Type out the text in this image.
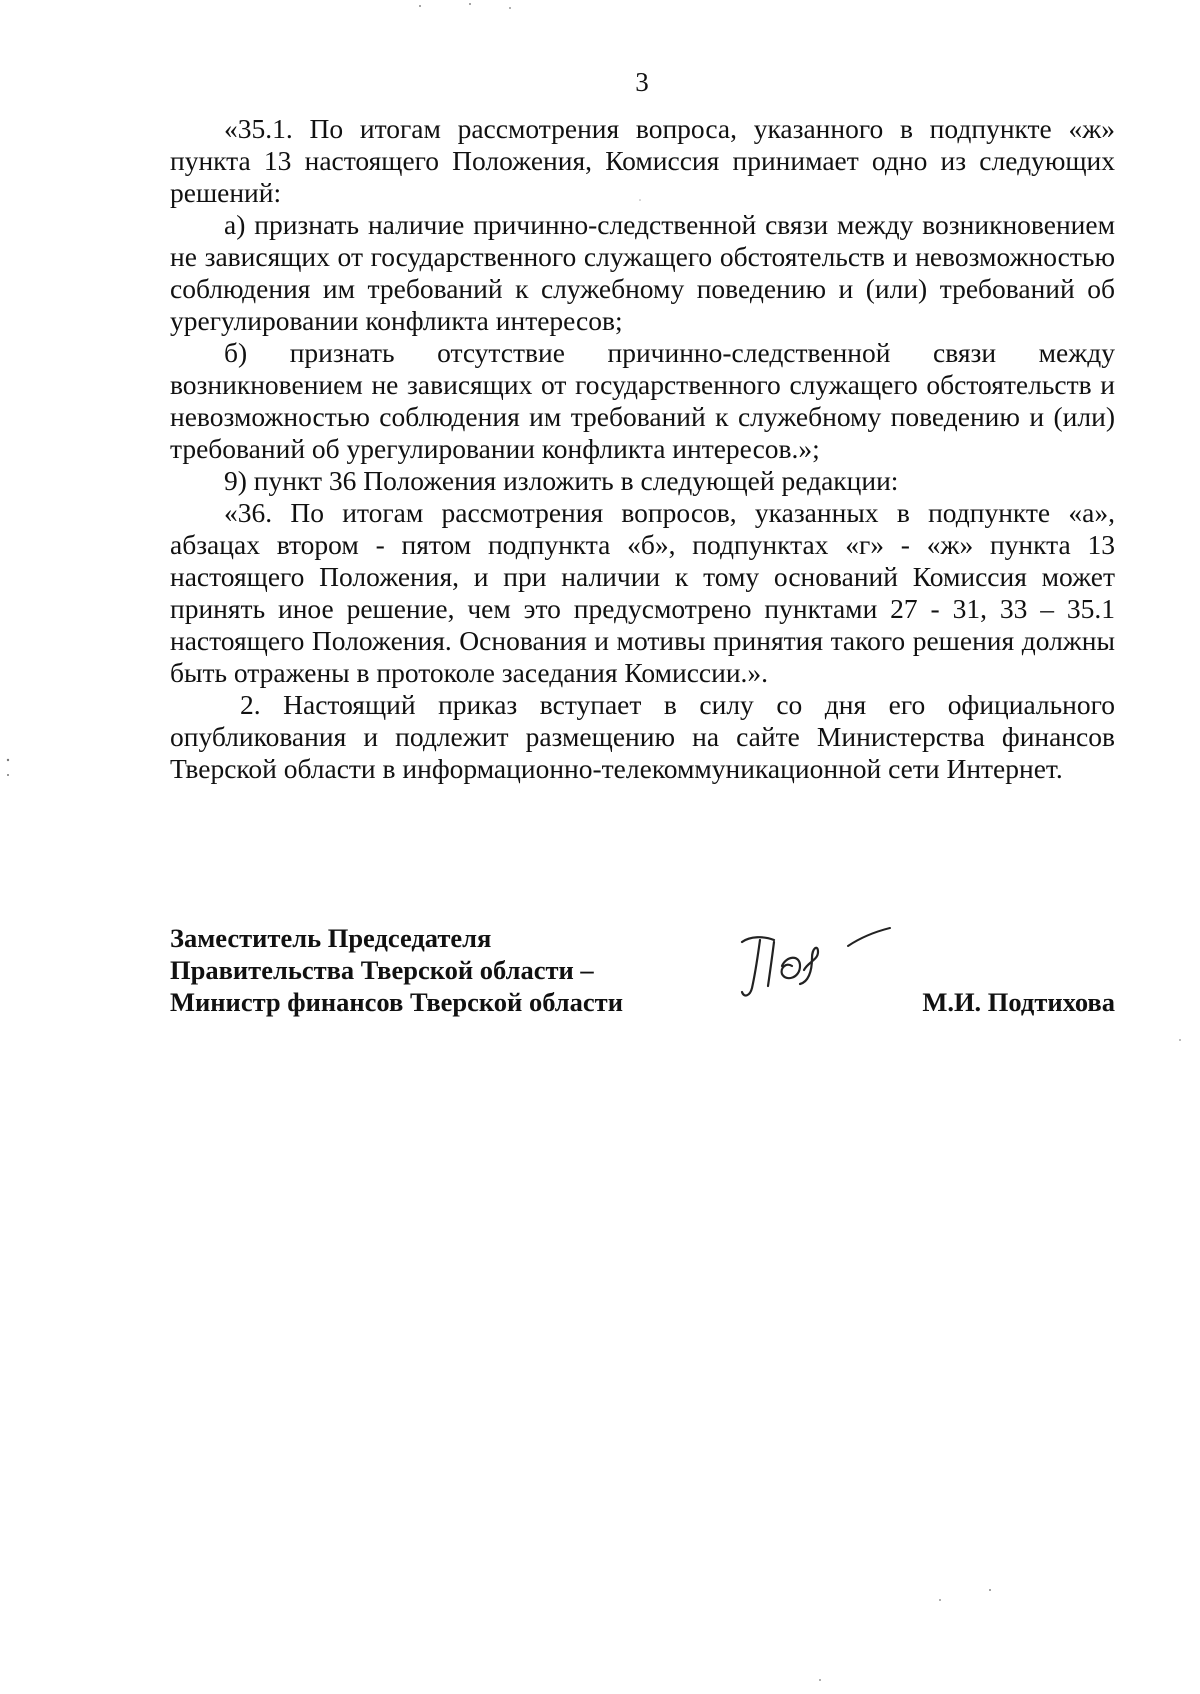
3

«35.1. По итогам рассмотрения вопроса, указанного в подпункте «ж» пункта 13 настоящего Положения, Комиссия принимает одно из следующих решений:

а) признать наличие причинно-следственной связи между возникновением не зависящих от государственного служащего обстоятельств и невозможностью соблюдения им требований к служебному поведению и (или) требований об урегулировании конфликта интересов;

б) признать отсутствие причинно-следственной связи между возникновением не зависящих от государственного служащего обстоятельств и невозможностью соблюдения им требований к служебному поведению и (или) требований об урегулировании конфликта интересов.»;

9) пункт 36 Положения изложить в следующей редакции:

«36. По итогам рассмотрения вопросов, указанных в подпункте «а», абзацах втором - пятом подпункта «б», подпунктах «г» - «ж» пункта 13 настоящего Положения, и при наличии к тому оснований Комиссия может принять иное решение, чем это предусмотрено пунктами 27 - 31, 33 – 35.1 настоящего Положения. Основания и мотивы принятия такого решения должны быть отражены в протоколе заседания Комиссии.».

2. Настоящий приказ вступает в силу со дня его официального опубликования и подлежит размещению на сайте Министерства финансов Тверской области в информационно-телекоммуникационной сети Интернет.

Заместитель Председателя
Правительства Тверской области –
Министр финансов Тверской области	М.И. Подтихова
